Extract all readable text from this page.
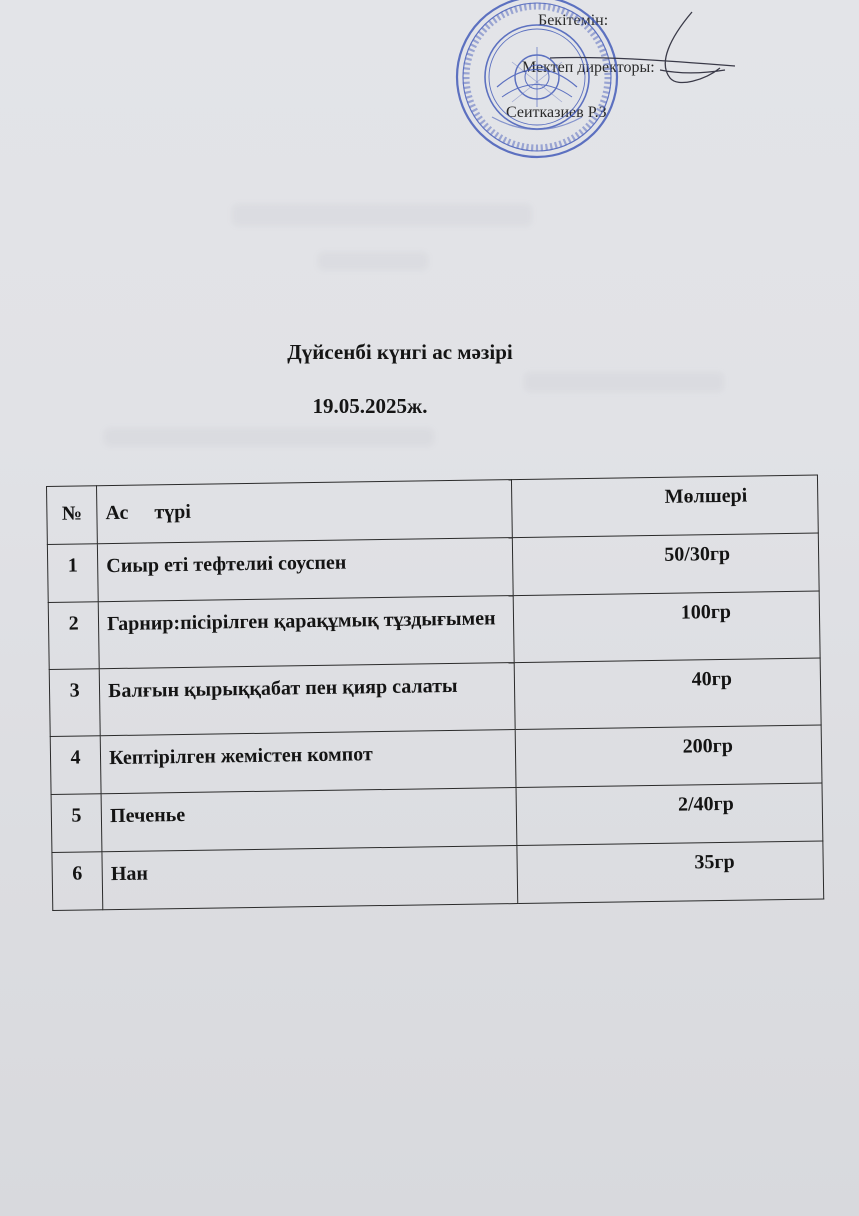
Бекітемін:
Мектеп директоры:
Сеитказиев Р.З
Дүйсенбі күнгі ас мәзірі
19.05.2025ж.
№	Ас түрі	Мөлшері
1	Сиыр еті тефтелиі соуспен	50/30гр
2	Гарнир:пісірілген қарақұмық тұздығымен	100гр
3	Балғын қырыққабат пен қияр салаты	40гр
4	Кептірілген жемістен компот	200гр
5	Печенье	2/40гр
6	Нан	35гр
